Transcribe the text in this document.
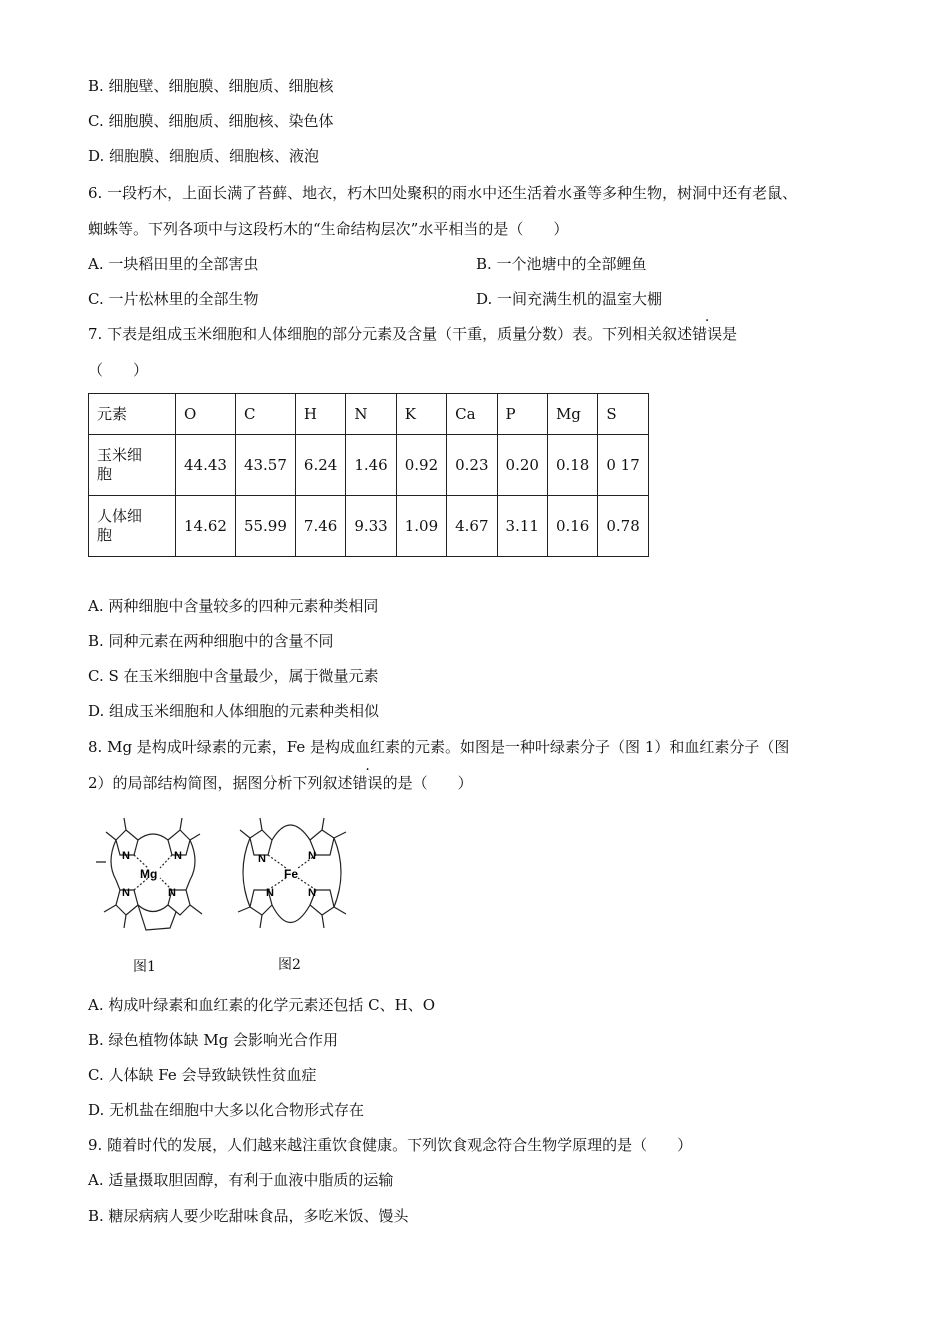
B. 细胞壁、细胞膜、细胞质、细胞核
C. 细胞膜、细胞质、细胞核、染色体
D. 细胞膜、细胞质、细胞核、液泡
6. 一段朽木，上面长满了苔藓、地衣，朽木凹处聚积的雨水中还生活着水蚤等多种生物，树洞中还有老鼠、
蜘蛛等。下列各项中与这段朽木的“生命结构层次”水平相当的是（　　）
A. 一块稻田里的全部害虫	B. 一个池塘中的全部鲤鱼
C. 一片松林里的全部生物	D. 一间充满生机的温室大棚
7. 下表是组成玉米细胞和人体细胞的部分元素及含量（干重，质量分数）表。下列相关叙述错误是
（　　）
元素	O	C	H	N	K	Ca	P	Mg	S

玉米细胞	44.43	43.57	6.24	1.46	0.92	0.23	0.20	0.18	0 17

人体细胞	14.62	55.99	7.46	9.33	1.09	4.67	3.11	0.16	0.78
A. 两种细胞中含量较多的四种元素种类相同
B. 同种元素在两种细胞中的含量不同
C. S 在玉米细胞中含量最少，属于微量元素
D. 组成玉米细胞和人体细胞的元素种类相似
8. Mg 是构成叶绿素的元素，Fe 是构成血红素的元素。如图是一种叶绿素分子（图 1）和血红素分子（图
2）的局部结构简图，据图分析下列叙述错误的是（　　）
N	N
N	N
Mg
图1
N	N
N	N
Fe
图2
A. 构成叶绿素和血红素的化学元素还包括 C、H、O
B. 绿色植物体缺 Mg 会影响光合作用
C. 人体缺 Fe 会导致缺铁性贫血症
D. 无机盐在细胞中大多以化合物形式存在
9. 随着时代的发展，人们越来越注重饮食健康。下列饮食观念符合生物学原理的是（　　）
A. 适量摄取胆固醇，有利于血液中脂质的运输
B. 糖尿病病人要少吃甜味食品，多吃米饭、馒头
